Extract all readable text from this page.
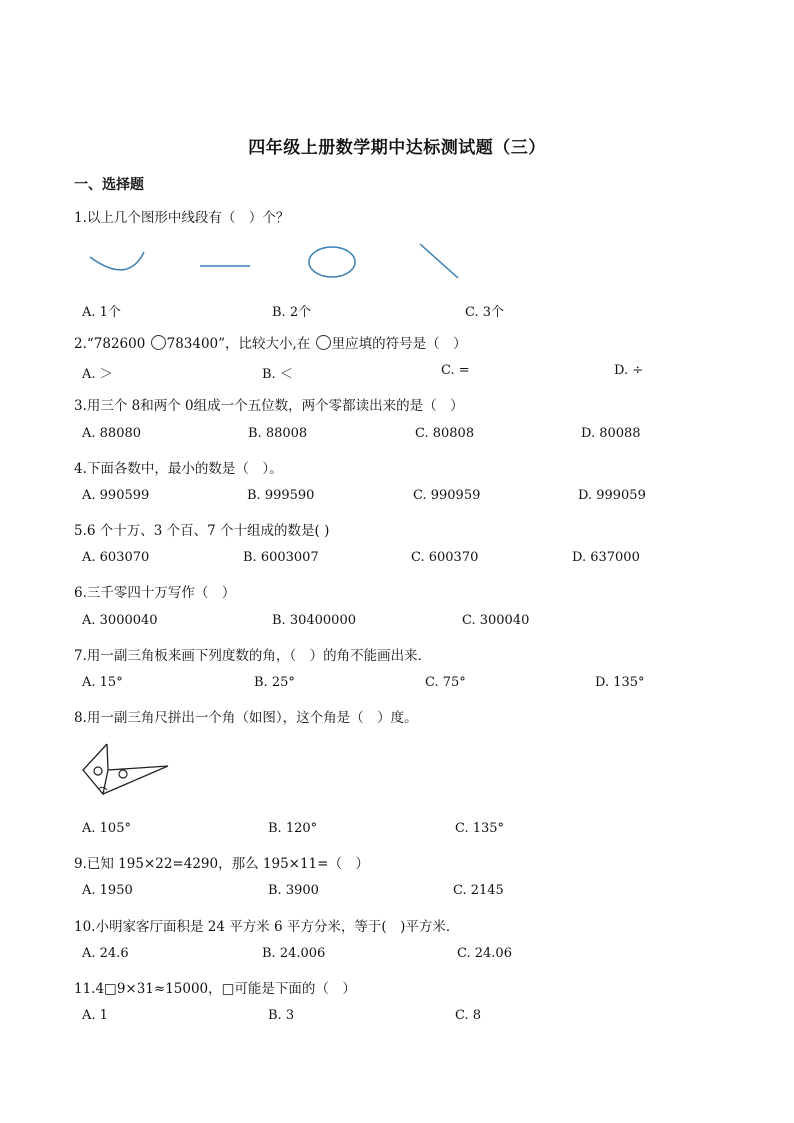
四年级上册数学期中达标测试题（三）
一、选择题
1.以上几个图形中线段有（　）个？
A. 1个	B. 2个	C. 3个
2.“782600 783400”，比较大小,在 里应填的符号是（　）
A. ＞	B. ＜	C. =	D. ÷
3.用三个 8和两个 0组成一个五位数，两个零都读出来的是（　）
A. 88080	B. 88008	C. 80808	D. 80088
4.下面各数中，最小的数是（　）。
A. 990599	B. 999590	C. 990959	D. 999059
5.6 个十万、3 个百、7 个十组成的数是( )
A. 603070	B. 6003007	C. 600370	D. 637000
6.三千零四十万写作（　）
A. 3000040	B. 30400000	C. 300040
7.用一副三角板来画下列度数的角，（　）的角不能画出来．
A. 15°	B. 25°	C. 75°	D. 135°
8.用一副三角尺拼出一个角（如图），这个角是（　）度。
A. 105°	B. 120°	C. 135°
9.已知 195×22=4290，那么 195×11=（　）
A. 1950	B. 3900	C. 2145
10.小明家客厅面积是 24 平方米 6 平方分米，等于(　)平方米．
A. 24.6	B. 24.006	C. 24.06
11.4□9×31≈15000，□可能是下面的（　）
A. 1	B. 3	C. 8
